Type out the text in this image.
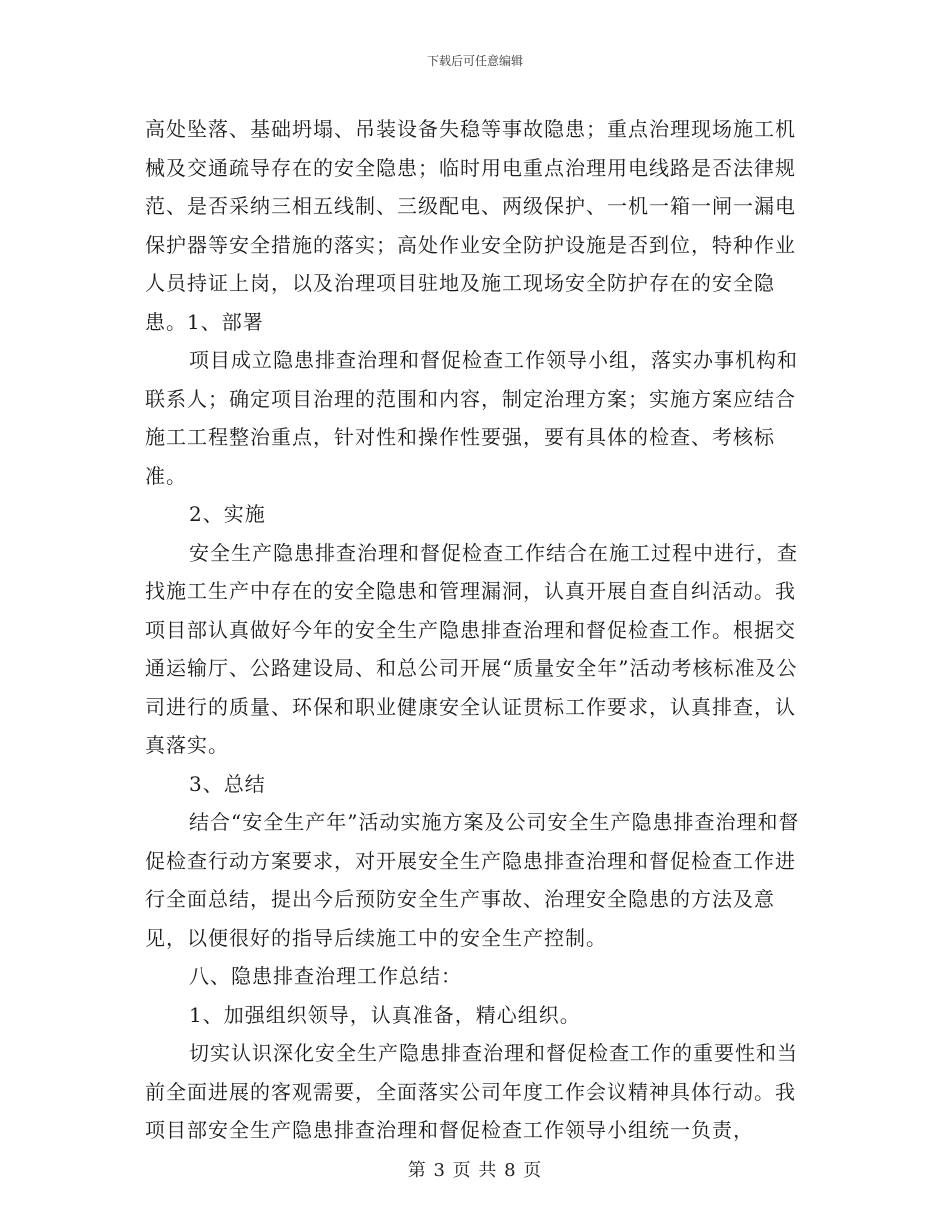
下载后可任意编辑

高处坠落、基础坍塌、吊装设备失稳等事故隐患；重点治理现场施工机械及交通疏导存在的安全隐患；临时用电重点治理用电线路是否法律规范、是否采纳三相五线制、三级配电、两级保护、一机一箱一闸一漏电保护器等安全措施的落实；高处作业安全防护设施是否到位，特种作业人员持证上岗，以及治理项目驻地及施工现场安全防护存在的安全隐患。1、部署

项目成立隐患排查治理和督促检查工作领导小组，落实办事机构和联系人；确定项目治理的范围和内容，制定治理方案；实施方案应结合施工工程整治重点，针对性和操作性要强，要有具体的检查、考核标准。

2、实施

安全生产隐患排查治理和督促检查工作结合在施工过程中进行，查找施工生产中存在的安全隐患和管理漏洞，认真开展自查自纠活动。我项目部认真做好今年的安全生产隐患排查治理和督促检查工作。根据交通运输厅、公路建设局、和总公司开展“质量安全年”活动考核标准及公司进行的质量、环保和职业健康安全认证贯标工作要求，认真排查，认真落实。

3、总结

结合“安全生产年”活动实施方案及公司安全生产隐患排查治理和督促检查行动方案要求，对开展安全生产隐患排查治理和督促检查工作进行全面总结，提出今后预防安全生产事故、治理安全隐患的方法及意见，以便很好的指导后续施工中的安全生产控制。

八、隐患排查治理工作总结：

1、加强组织领导，认真准备，精心组织。

切实认识深化安全生产隐患排查治理和督促检查工作的重要性和当前全面进展的客观需要，全面落实公司年度工作会议精神具体行动。我项目部安全生产隐患排查治理和督促检查工作领导小组统一负责，

第 3 页 共 8 页
